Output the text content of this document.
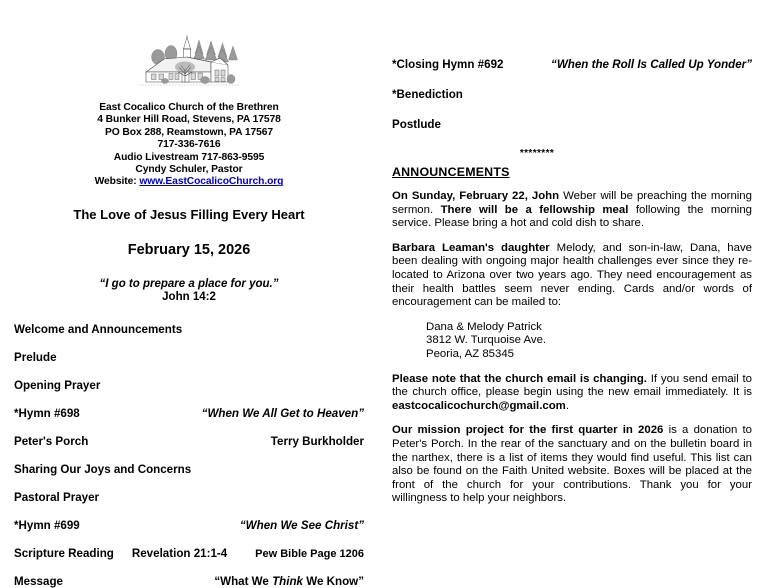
East Cocalico Church of the Brethren
4 Bunker Hill Road, Stevens, PA 17578
PO Box 288, Reamstown, PA 17567
717-336-7616
Audio Livestream 717-863-9595
Cyndy Schuler, Pastor
Website: www.EastCocalicoChurch.org
The Love of Jesus Filling Every Heart
February 15, 2026
“I go to prepare a place for you.”
John 14:2
Welcome and Announcements
Prelude
Opening Prayer
*Hymn #698	“When We All Get to Heaven”
Peter's Porch	Terry Burkholder
Sharing Our Joys and Concerns
Pastoral Prayer
*Hymn #699	“When We See Christ”
Scripture Reading Revelation 21:1-4	Pew Bible Page 1206
Message	“What We Think We Know”
*Closing Hymn #692	“When the Roll Is Called Up Yonder”
*Benediction
Postlude
********
ANNOUNCEMENTS

On Sunday, February 22, John Weber will be preaching the morning sermon. There will be a fellowship meal following the morning service. Please bring a hot and cold dish to share.

Barbara Leaman's daughter Melody, and son-in-law, Dana, have been dealing with ongoing major health challenges ever since they re-located to Arizona over two years ago. They need encouragement as their health battles seem never ending. Cards and/or words of encouragement can be mailed to:

Dana & Melody Patrick
3812 W. Turquoise Ave.
Peoria, AZ 85345

Please note that the church email is changing. If you send email to the church office, please begin using the new email immediately. It is eastcocalicochurch@gmail.com.

Our mission project for the first quarter in 2026 is a donation to Peter's Porch. In the rear of the sanctuary and on the bulletin board in the narthex, there is a list of items they would find useful. This list can also be found on the Faith United website. Boxes will be placed at the front of the church for your contributions. Thank you for your willingness to help your neighbors.
